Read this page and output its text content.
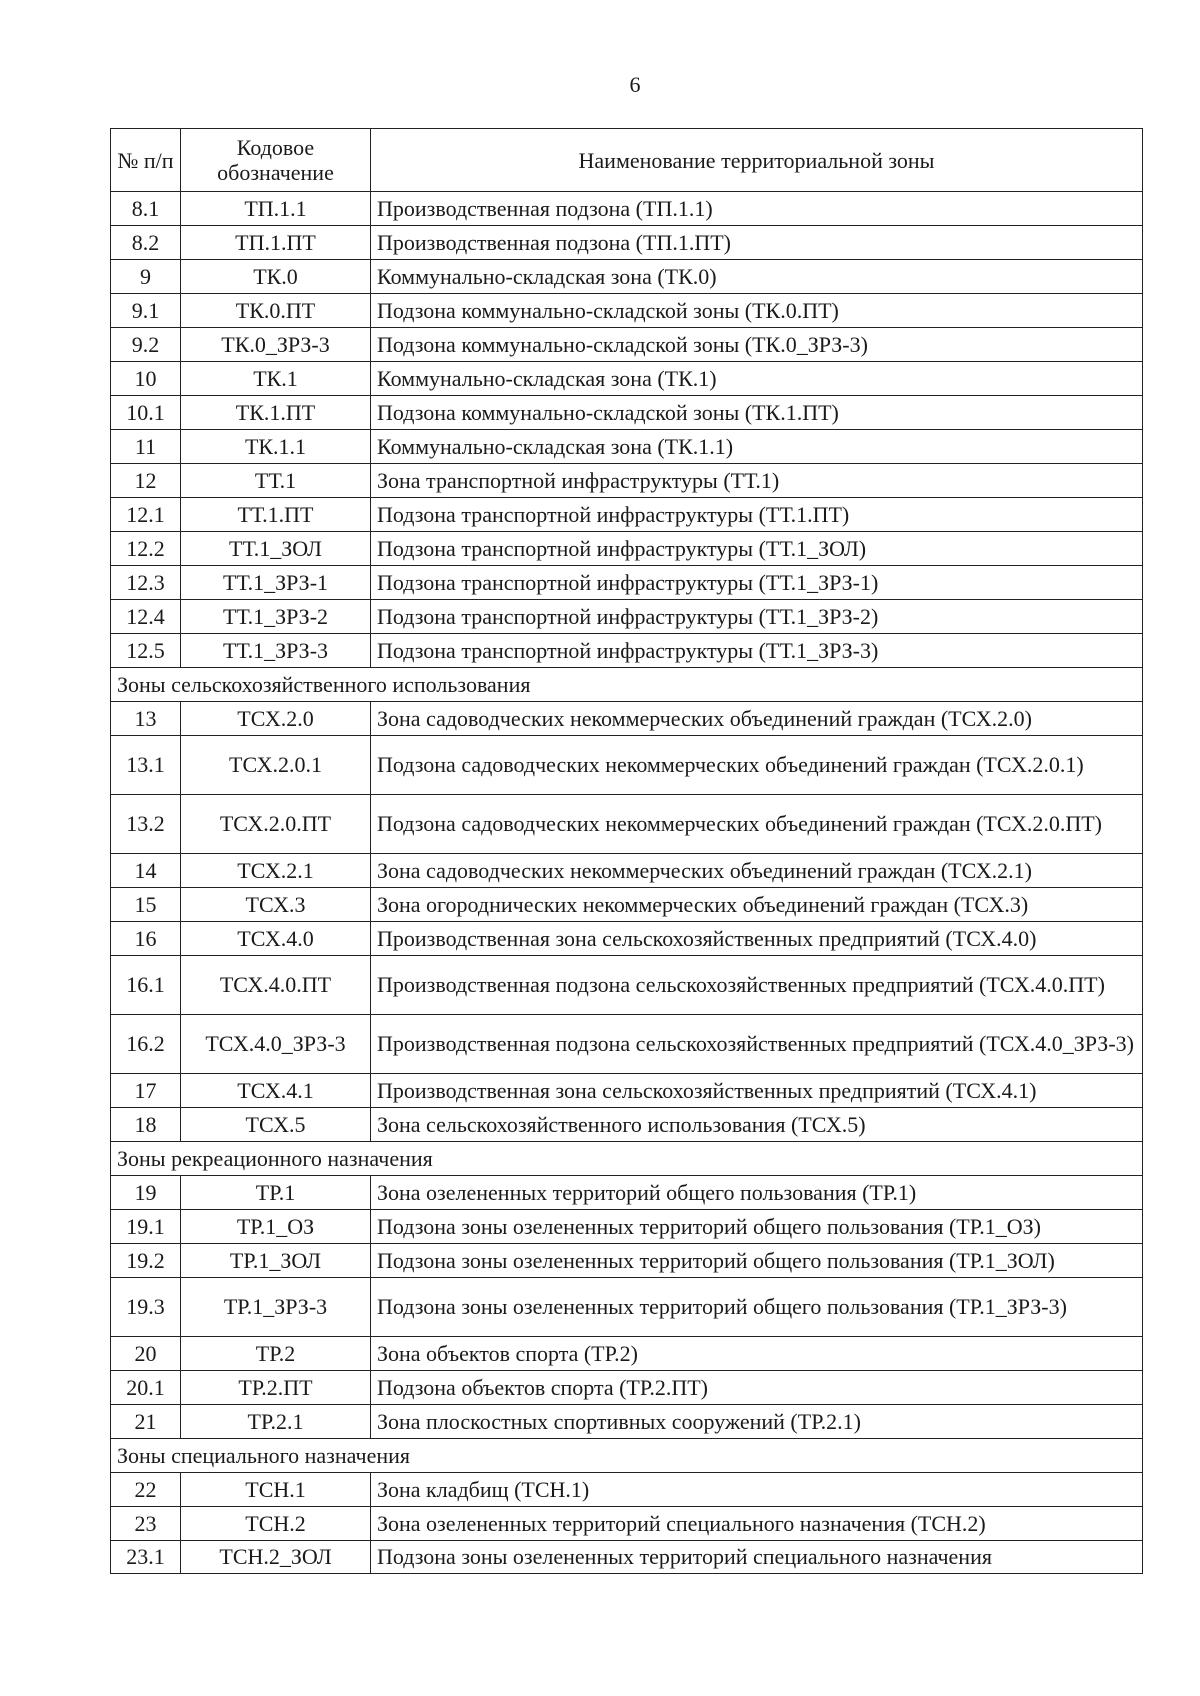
6
№ п/п	Кодовое обозначение	Наименование территориальной зоны
8.1	ТП.1.1	Производственная подзона (ТП.1.1)
8.2	ТП.1.ПТ	Производственная подзона (ТП.1.ПТ)
9	ТК.0	Коммунально-складская зона (ТК.0)
9.1	ТК.0.ПТ	Подзона коммунально-складской зоны (ТК.0.ПТ)
9.2	ТК.0_ЗРЗ-3	Подзона коммунально-складской зоны (ТК.0_ЗРЗ-3)
10	ТК.1	Коммунально-складская зона (ТК.1)
10.1	ТК.1.ПТ	Подзона коммунально-складской зоны (ТК.1.ПТ)
11	ТК.1.1	Коммунально-складская зона (ТК.1.1)
12	ТТ.1	Зона транспортной инфраструктуры (ТТ.1)
12.1	ТТ.1.ПТ	Подзона транспортной инфраструктуры (ТТ.1.ПТ)
12.2	ТТ.1_ЗОЛ	Подзона транспортной инфраструктуры (ТТ.1_ЗОЛ)
12.3	ТТ.1_ЗРЗ-1	Подзона транспортной инфраструктуры (ТТ.1_ЗРЗ-1)
12.4	ТТ.1_ЗРЗ-2	Подзона транспортной инфраструктуры (ТТ.1_ЗРЗ-2)
12.5	ТТ.1_ЗРЗ-3	Подзона транспортной инфраструктуры (ТТ.1_ЗРЗ-3)
Зоны сельскохозяйственного использования		
13	ТСХ.2.0	Зона садоводческих некоммерческих объединений граждан (ТСХ.2.0)
13.1	ТСХ.2.0.1	Подзона садоводческих некоммерческих объединений граждан (ТСХ.2.0.1)
13.2	ТСХ.2.0.ПТ	Подзона садоводческих некоммерческих объединений граждан (ТСХ.2.0.ПТ)
14	ТСХ.2.1	Зона садоводческих некоммерческих объединений граждан (ТСХ.2.1)
15	ТСХ.3	Зона огороднических некоммерческих объединений граждан (ТСХ.3)
16	ТСХ.4.0	Производственная зона сельскохозяйственных предприятий (ТСХ.4.0)
16.1	ТСХ.4.0.ПТ	Производственная подзона сельскохозяйственных предприятий (ТСХ.4.0.ПТ)
16.2	ТСХ.4.0_ЗРЗ-3	Производственная подзона сельскохозяйственных предприятий (ТСХ.4.0_ЗРЗ-3)
17	ТСХ.4.1	Производственная зона сельскохозяйственных предприятий (ТСХ.4.1)
18	ТСХ.5	Зона сельскохозяйственного использования (ТСХ.5)
Зоны рекреационного назначения		
19	ТР.1	Зона озелененных территорий общего пользования (ТР.1)
19.1	ТР.1_ОЗ	Подзона зоны озелененных территорий общего пользования (ТР.1_ОЗ)
19.2	ТР.1_ЗОЛ	Подзона зоны озелененных территорий общего пользования (ТР.1_ЗОЛ)
19.3	ТР.1_ЗРЗ-3	Подзона зоны озелененных территорий общего пользования (ТР.1_ЗРЗ-3)
20	ТР.2	Зона объектов спорта (ТР.2)
20.1	ТР.2.ПТ	Подзона объектов спорта (ТР.2.ПТ)
21	ТР.2.1	Зона плоскостных спортивных сооружений (ТР.2.1)
Зоны специального назначения		
22	ТСН.1	Зона кладбищ (ТСН.1)
23	ТСН.2	Зона озелененных территорий специального назначения (ТСН.2)
23.1	ТСН.2_ЗОЛ	Подзона зоны озелененных территорий специального назначения
